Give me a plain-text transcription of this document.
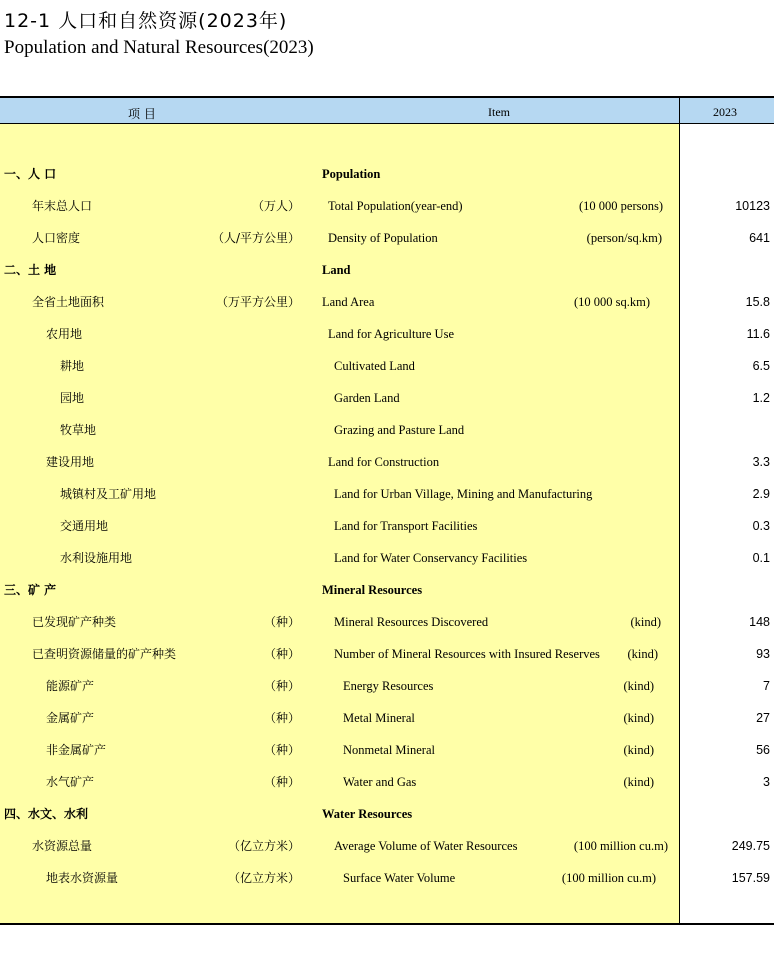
12-1 人口和自然资源(2023年)
Population and Natural Resources(2023)
项 目	Item	2023
一、人 口	Population
年末总人口	（万人） Total Population(year-end)	(10 000 persons)	10123
人口密度	（人/平方公里） Density of Population	(person/sq.km)	641
二、土 地	Land
全省土地面积	（万平方公里） Land Area	(10 000 sq.km)	15.8
农用地	Land for Agriculture Use	11.6
耕地	Cultivated Land	6.5
园地	Garden Land	1.2
牧草地	Grazing and Pasture Land
建设用地	Land for Construction	3.3
城镇村及工矿用地	Land for Urban Village, Mining and Manufacturing	2.9
交通用地	Land for Transport Facilities	0.3
水利设施用地	Land for Water Conservancy Facilities	0.1
三、矿 产	Mineral Resources
已发现矿产种类	（种）	Mineral Resources Discovered	(kind)	148
已查明资源储量的矿产种类	（种）	Number of Mineral Resources with Insured Reserves (kind)	93
能源矿产	（种）	Energy Resources	(kind)	7
金属矿产	（种）	Metal Mineral	(kind)	27
非金属矿产	（种）	Nonmetal Mineral	(kind)	56
水气矿产	（种）	Water and Gas	(kind)	3
四、水文、水利	Water Resources
水资源总量	（亿立方米）	Average Volume of Water Resources	(100 million cu.m)	249.75
地表水资源量	（亿立方米）	Surface Water Volume	(100 million cu.m)	157.59
